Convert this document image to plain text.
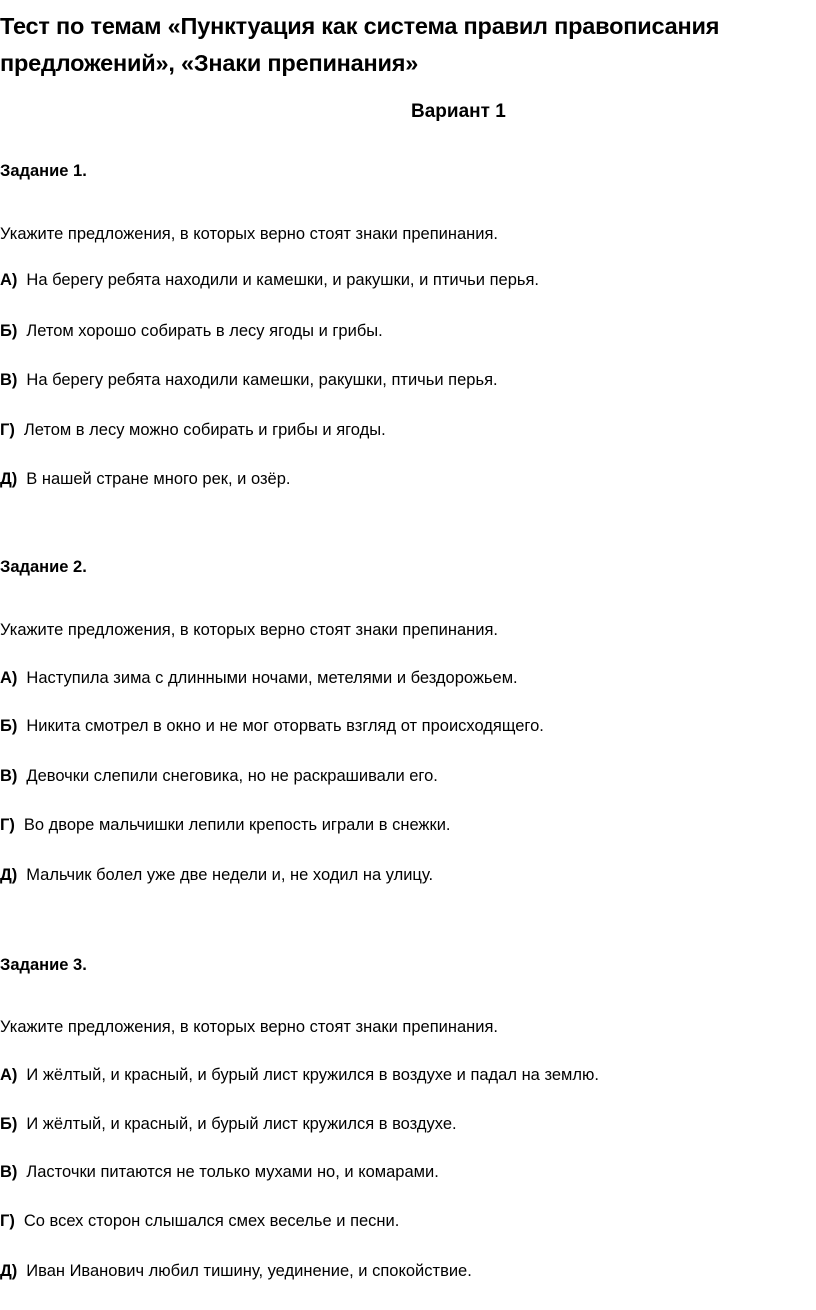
Тест по темам «Пунктуация как система правил правописания
предложений», «Знаки препинания»

Вариант 1

Задание 1.

Укажите предложения, в которых верно стоят знаки препинания.

А) На берегу ребята находили и камешки, и ракушки, и птичьи перья.

Б) Летом хорошо собирать в лесу ягоды и грибы.

В) На берегу ребята находили камешки, ракушки, птичьи перья.

Г) Летом в лесу можно собирать и грибы и ягоды.

Д) В нашей стране много рек, и озёр.

Задание 2.

Укажите предложения, в которых верно стоят знаки препинания.

А) Наступила зима с длинными ночами, метелями и бездорожьем.

Б) Никита смотрел в окно и не мог оторвать взгляд от происходящего.

В) Девочки слепили снеговика, но не раскрашивали его.

Г) Во дворе мальчишки лепили крепость играли в снежки.

Д) Мальчик болел уже две недели и, не ходил на улицу.

Задание 3.

Укажите предложения, в которых верно стоят знаки препинания.

А) И жёлтый, и красный, и бурый лист кружился в воздухе и падал на землю.

Б) И жёлтый, и красный, и бурый лист кружился в воздухе.

В) Ласточки питаются не только мухами но, и комарами.

Г) Со всех сторон слышался смех веселье и песни.

Д) Иван Иванович любил тишину, уединение, и спокойствие.
